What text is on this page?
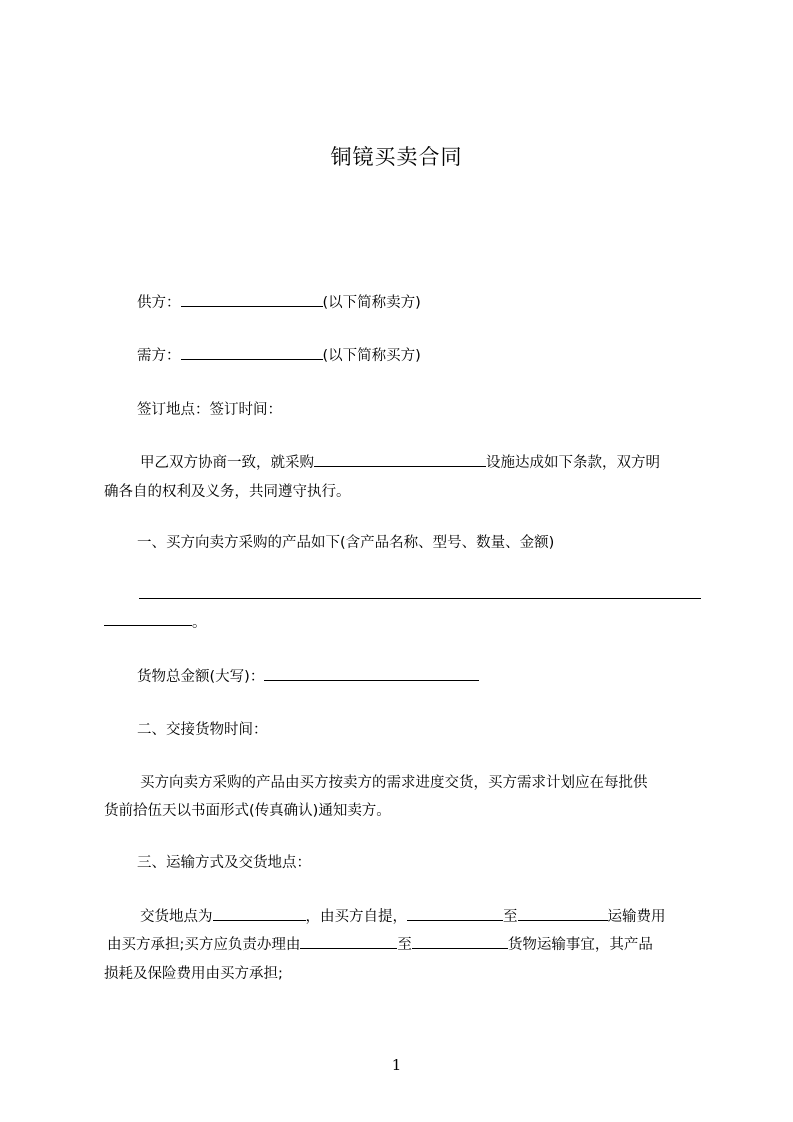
铜镜买卖合同
供方：	(以下简称卖方)
需方：	(以下简称买方)
签订地点：签订时间：
甲乙双方协商一致，就采购	设施达成如下条款，双方明
确各自的权利及义务，共同遵守执行。
一、买方向卖方采购的产品如下(含产品名称、型号、数量、金额)
。
货物总金额(大写)：
二、交接货物时间：
买方向卖方采购的产品由买方按卖方的需求进度交货，买方需求计划应在每批供
货前拾伍天以书面形式(传真确认)通知卖方。
三、运输方式及交货地点：
交货地点为	，由买方自提，	至	运输费用
由买方承担;买方应负责办理由	至	货物运输事宜，其产品
损耗及保险费用由买方承担;
1
